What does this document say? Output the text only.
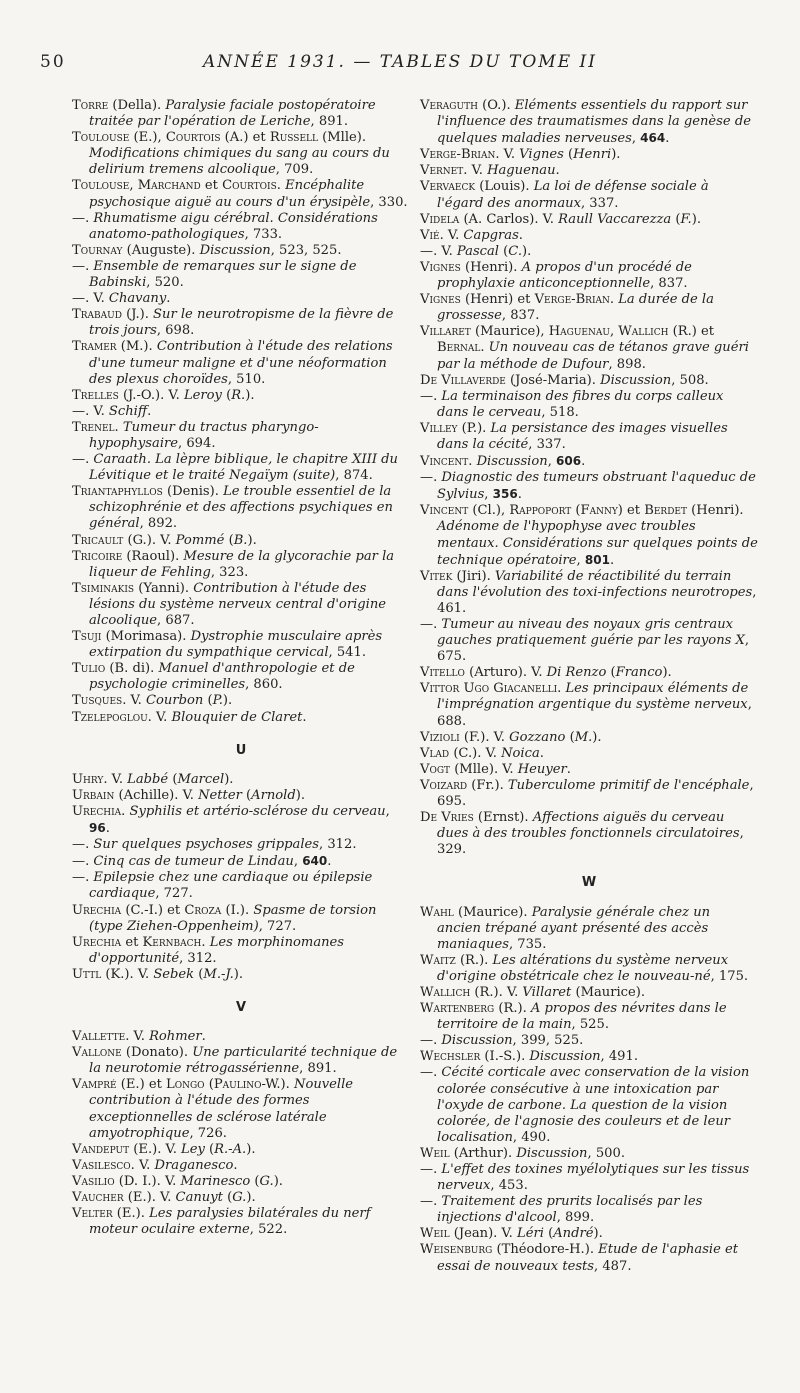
50	ANNÉE 1931. — TABLES DU TOME II

Torre (Della). Paralysie faciale postopératoire traitée par l'opération de Leriche, 891.

Toulouse (E.), Courtois (A.) et Russell (Mlle). Modifications chimiques du sang au cours du delirium tremens alcoolique, 709.

Toulouse, Marchand et Courtois. Encéphalite psychosique aiguë au cours d'un érysipèle, 330.

—. Rhumatisme aigu cérébral. Considérations anatomo-pathologiques, 733.

Tournay (Auguste). Discussion, 523, 525.

—. Ensemble de remarques sur le signe de Babinski, 520.

—. V. Chavany.

Trabaud (J.). Sur le neurotropisme de la fièvre de trois jours, 698.

Tramer (M.). Contribution à l'étude des relations d'une tumeur maligne et d'une néoformation des plexus choroïdes, 510.

Trelles (J.-O.). V. Leroy (R.).

—. V. Schiff.

Trenel. Tumeur du tractus pharyngo-hypophysaire, 694.

—. Caraath. La lèpre biblique, le chapitre XIII du Lévitique et le traité Negaïym (suite), 874.

Triantaphyllos (Denis). Le trouble essentiel de la schizophrénie et des affections psychiques en général, 892.

Tricault (G.). V. Pommé (B.).

Tricoire (Raoul). Mesure de la glycorachie par la liqueur de Fehling, 323.

Tsiminakis (Yanni). Contribution à l'étude des lésions du système nerveux central d'origine alcoolique, 687.

Tsuji (Morimasa). Dystrophie musculaire après extirpation du sympathique cervical, 541.

Tulio (B. di). Manuel d'anthropologie et de psychologie criminelles, 860.

Tusques. V. Courbon (P.).

Tzelepoglou. V. Blouquier de Claret.

U

Uhry. V. Labbé (Marcel).

Urbain (Achille). V. Netter (Arnold).

Urechia. Syphilis et artério-sclérose du cerveau, 96.

—. Sur quelques psychoses grippales, 312.

—. Cinq cas de tumeur de Lindau, 640.

—. Epilepsie chez une cardiaque ou épilepsie cardiaque, 727.

Urechia (C.-I.) et Croza (I.). Spasme de torsion (type Ziehen-Oppenheim), 727.

Urechia et Kernbach. Les morphinomanes d'opportunité, 312.

Uttl (K.). V. Sebek (M.-J.).

V

Vallette. V. Rohmer.

Vallone (Donato). Une particularité technique de la neurotomie rétrogassérienne, 891.

Vampré (E.) et Longo (Paulino-W.). Nouvelle contribution à l'étude des formes exceptionnelles de sclérose latérale amyotrophique, 726.

Vandeput (E.). V. Ley (R.-A.).

Vasilesco. V. Draganesco.

Vasilio (D. I.). V. Marinesco (G.).

Vaucher (E.). V. Canuyt (G.).

Velter (E.). Les paralysies bilatérales du nerf moteur oculaire externe, 522.

Veraguth (O.). Eléments essentiels du rapport sur l'influence des traumatismes dans la genèse de quelques maladies nerveuses, 464.

Verge-Brian. V. Vignes (Henri).

Vernet. V. Haguenau.

Vervaeck (Louis). La loi de défense sociale à l'égard des anormaux, 337.

Videla (A. Carlos). V. Raull Vaccarezza (F.).

Vié. V. Capgras.

—. V. Pascal (C.).

Vignes (Henri). A propos d'un procédé de prophylaxie anticonceptionnelle, 837.

Vignes (Henri) et Verge-Brian. La durée de la grossesse, 837.

Villaret (Maurice), Haguenau, Wallich (R.) et Bernal. Un nouveau cas de tétanos grave guéri par la méthode de Dufour, 898.

De Villaverde (José-Maria). Discussion, 508.

—. La terminaison des fibres du corps calleux dans le cerveau, 518.

Villey (P.). La persistance des images visuelles dans la cécité, 337.

Vincent. Discussion, 606.

—. Diagnostic des tumeurs obstruant l'aqueduc de Sylvius, 356.

Vincent (Cl.), Rappoport (Fanny) et Berdet (Henri). Adénome de l'hypophyse avec troubles mentaux. Considérations sur quelques points de technique opératoire, 801.

Vitek (Jiri). Variabilité de réactibilité du terrain dans l'évolution des toxi-infections neurotropes, 461.

—. Tumeur au niveau des noyaux gris centraux gauches pratiquement guérie par les rayons X, 675.

Vitello (Arturo). V. Di Renzo (Franco).

Vittor Ugo Giacanelli. Les principaux éléments de l'imprégnation argentique du système nerveux, 688.

Vizioli (F.). V. Gozzano (M.).

Vlad (C.). V. Noica.

Vogt (Mlle). V. Heuyer.

Voizard (Fr.). Tuberculome primitif de l'encéphale, 695.

De Vries (Ernst). Affections aiguës du cerveau dues à des troubles fonctionnels circulatoires, 329.

W

Wahl (Maurice). Paralysie générale chez un ancien trépané ayant présenté des accès maniaques, 735.

Waitz (R.). Les altérations du système nerveux d'origine obstétricale chez le nouveau-né, 175.

Wallich (R.). V. Villaret (Maurice).

Wartenberg (R.). A propos des névrites dans le territoire de la main, 525.

—. Discussion, 399, 525.

Wechsler (I.-S.). Discussion, 491.

—. Cécité corticale avec conservation de la vision colorée consécutive à une intoxication par l'oxyde de carbone. La question de la vision colorée, de l'agnosie des couleurs et de leur localisation, 490.

Weil (Arthur). Discussion, 500.

—. L'effet des toxines myélolytiques sur les tissus nerveux, 453.

—. Traitement des prurits localisés par les injections d'alcool, 899.

Weil (Jean). V. Léri (André).

Weisenburg (Théodore-H.). Etude de l'aphasie et essai de nouveaux tests, 487.
